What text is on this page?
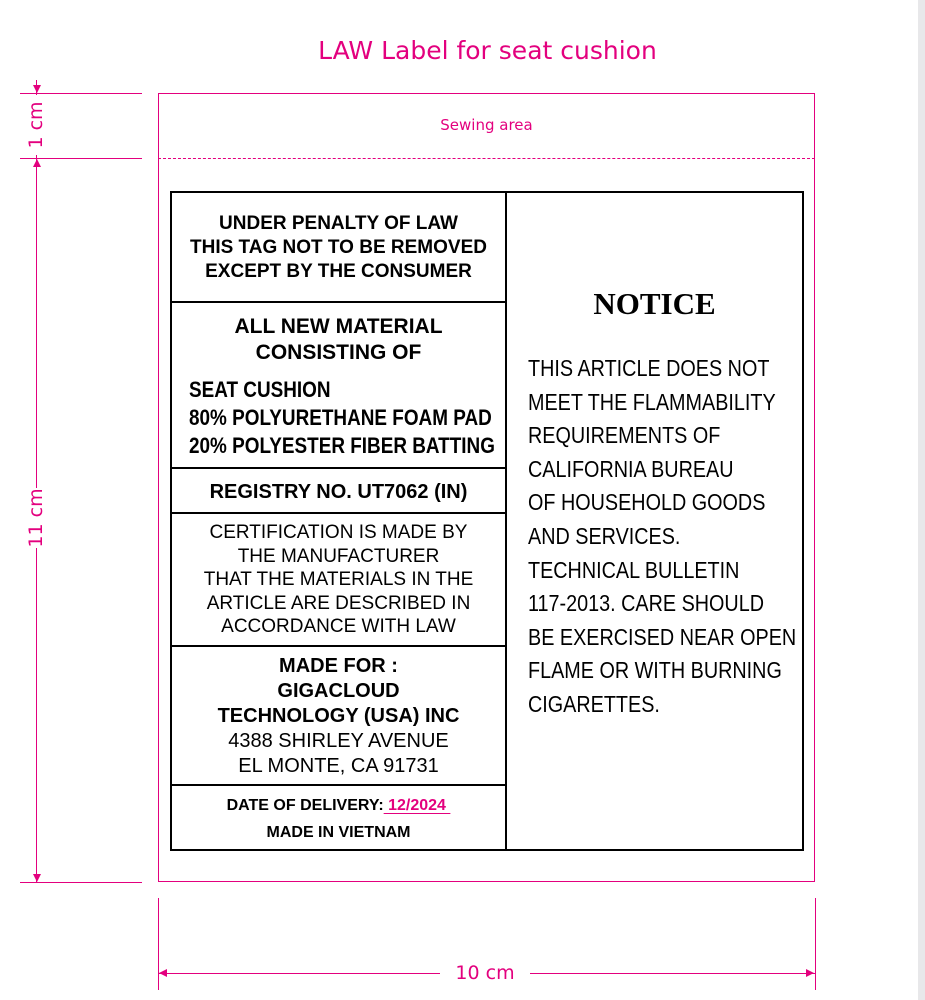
LAW Label for seat cushion
Sewing area
1 cm
11 cm
10 cm
UNDER PENALTY OF LAW
THIS TAG NOT TO BE REMOVED
EXCEPT BY THE CONSUMER
ALL NEW MATERIAL
CONSISTING OF
SEAT CUSHION
80% POLYURETHANE FOAM PAD
20% POLYESTER FIBER BATTING
REGISTRY NO. UT7062 (IN)
CERTIFICATION IS MADE BY
THE MANUFACTURER
THAT THE MATERIALS IN THE
ARTICLE ARE DESCRIBED IN
ACCORDANCE WITH LAW
MADE FOR :
GIGACLOUD
TECHNOLOGY (USA) INC
4388 SHIRLEY AVENUE
EL MONTE, CA 91731
DATE OF DELIVERY: 12/2024
MADE IN VIETNAM
NOTICE
THIS ARTICLE DOES NOT
MEET THE FLAMMABILITY
REQUIREMENTS OF
CALIFORNIA BUREAU
OF HOUSEHOLD GOODS
AND SERVICES.
TECHNICAL BULLETIN
117-2013. CARE SHOULD
BE EXERCISED NEAR OPEN
FLAME OR WITH BURNING
CIGARETTES.
